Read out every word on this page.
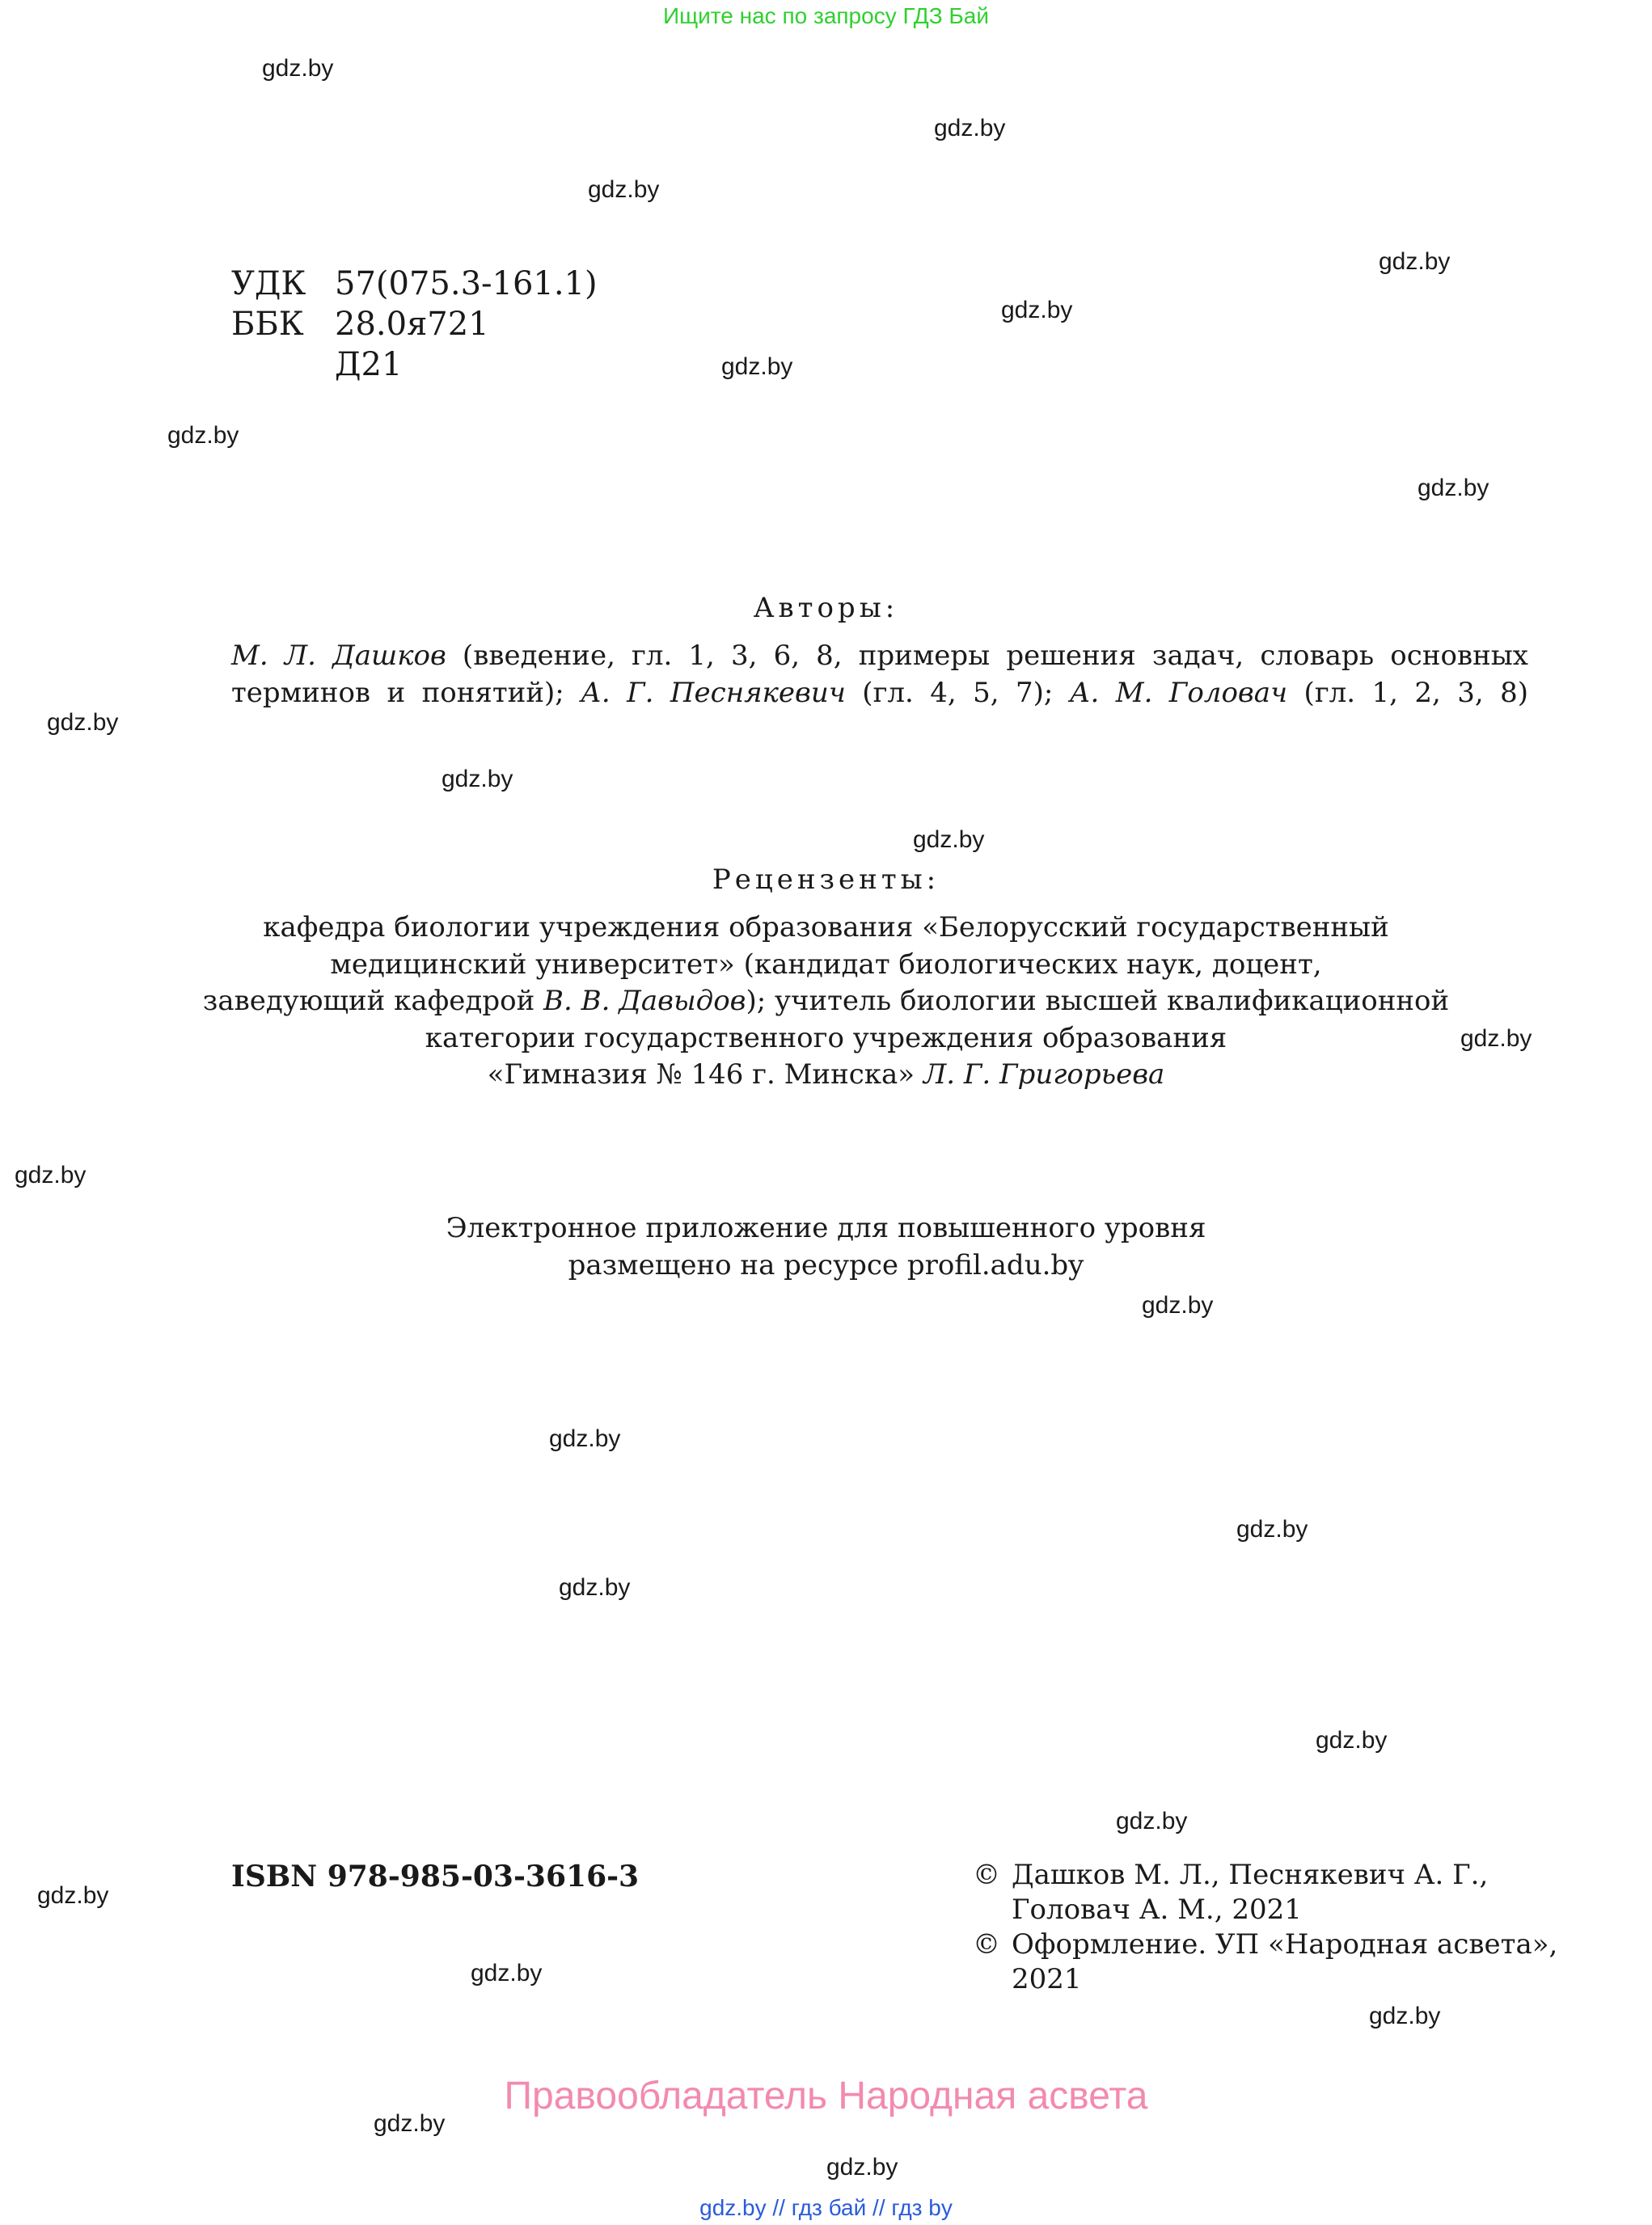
Ищите нас по запросу ГДЗ Бай
gdz.by
gdz.by
gdz.by
gdz.by
gdz.by
gdz.by
gdz.by
gdz.by
gdz.by
gdz.by
gdz.by
gdz.by
gdz.by
gdz.by
gdz.by
gdz.by
gdz.by
gdz.by
gdz.by
gdz.by
gdz.by
gdz.by
gdz.by
gdz.by
УДК 57(075.3-161.1)
ББК 28.0я721
Д21
Авторы:
М. Л. Дашков (введение, гл. 1, 3, 6, 8, примеры решения задач, словарь основных
терминов и понятий); А. Г. Песнякевич (гл. 4, 5, 7); А. М. Головач (гл. 1, 2, 3, 8)
Рецензенты:
кафедра биологии учреждения образования «Белорусский государственный
медицинский университет» (кандидат биологических наук, доцент,
заведующий кафедрой В. В. Давыдов); учитель биологии высшей квалификационной
категории государственного учреждения образования
«Гимназия № 146 г. Минска» Л. Г. Григорьева
Электронное приложение для повышенного уровня
размещено на ресурсе profil.adu.by
ISBN 978-985-03-3616-3	© Дашков М. Л., Песнякевич А. Г.,
Головач А. М., 2021
© Оформление. УП «Народная асвета»,
2021
Правообладатель Народная асвета
gdz.by // гдз бай // гдз by
